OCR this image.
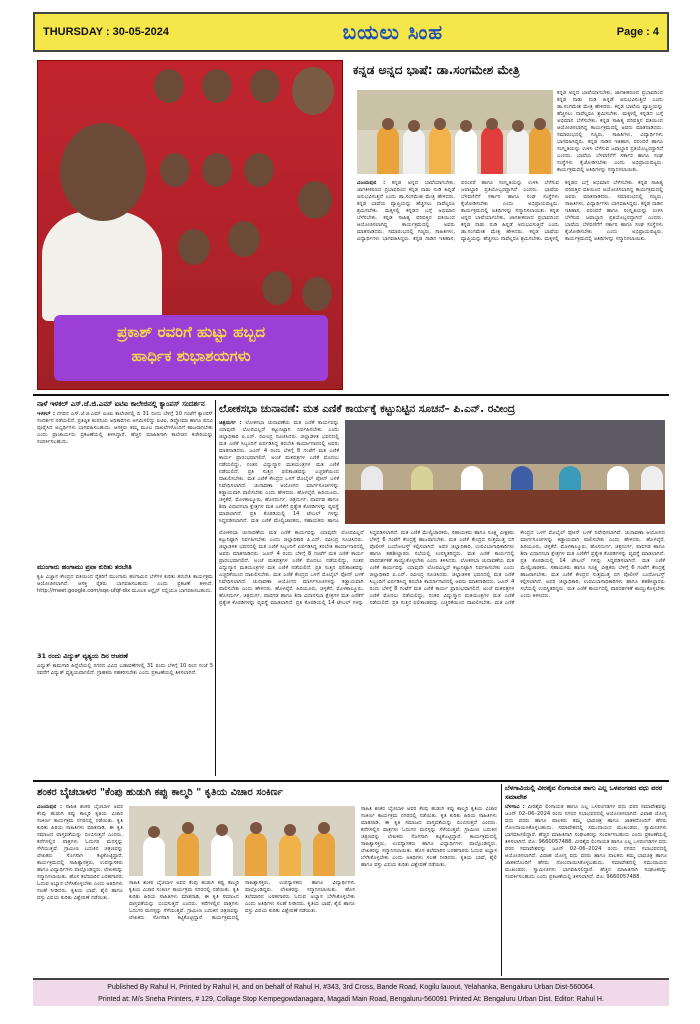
THURSDAY : 30-05-2024	ಬಯಲು ಸಿಂಹ	Page : 4
ಪ್ರಕಾಶ್ ರವರಿಗೆ ಹುಟ್ಟು ಹಬ್ಬದ
ಹಾರ್ಧಿಕ ಶುಭಾಶಯಗಳು
ಕನ್ನಡ ಅನ್ನದ ಭಾಷೆ: ಡಾ.ಸಂಗಮೇಶ ಮೇತ್ರಿ
ಕನ್ನಡ ಅನ್ನದ ಭಾಷೆಯಾಗಬೇಕು, ಜಾಗತೀಕರಣದ ಪ್ರಭಾವದಿಂದ ಕನ್ನಡ ನಾಡು ನುಡಿ ಹಿನ್ನಡೆ ಅನುಭವಿಸುತ್ತಿದೆ ಎಂದು ಡಾ.ಸಂಗಮೇಶ ಮೇತ್ರಿ ಹೇಳಿದರು. ಕನ್ನಡ ಭಾಷೆಯ ವ್ಯಾಪ್ತಿಯನ್ನು ಹೆಚ್ಚಿಸಲು ನಾವೆಲ್ಲರೂ ಶ್ರಮಿಸಬೇಕು. ಮಕ್ಕಳಲ್ಲಿ ಕನ್ನಡದ ಬಗ್ಗೆ ಅಭಿಮಾನ ಬೆಳೆಸಬೇಕು. ಕನ್ನಡ ಸಾಹಿತ್ಯ ಪರಿಷತ್ತಿನ ವತಿಯಿಂದ ಆಯೋಜಿಸಲಾಗಿದ್ದ ಕಾರ್ಯಕ್ರಮದಲ್ಲಿ ಅವರು ಮಾತನಾಡಿದರು. ಸಮಾರಂಭದಲ್ಲಿ ಗಣ್ಯರು, ಸಾಹಿತಿಗಳು, ವಿದ್ಯಾರ್ಥಿಗಳು ಭಾಗವಹಿಸಿದ್ದರು. ಕನ್ನಡ ನಾಡಿನ ಇತಿಹಾಸ, ಪರಂಪರೆ ಹಾಗೂ ಸಂಸ್ಕೃತಿಯನ್ನು ಉಳಿಸಿ ಬೆಳೆಸುವ ಜವಾಬ್ದಾರಿ ಪ್ರತಿಯೊಬ್ಬರದ್ದಾಗಿದೆ ಎಂದರು. ಭಾಷೆಯ ಬೆಳವಣಿಗೆಗೆ ಸರ್ಕಾರ ಹಾಗೂ ಸಂಘ ಸಂಸ್ಥೆಗಳು ಕೈಜೋಡಿಸಬೇಕು ಎಂದು ಅಭಿಪ್ರಾಯಪಟ್ಟರು. ಕಾರ್ಯಕ್ರಮದಲ್ಲಿ ಅತಿಥಿಗಳನ್ನು ಸನ್ಮಾನಿಸಲಾಯಿತು.
ವಿಜಯಪುರ : ಕನ್ನಡ ಅನ್ನದ ಭಾಷೆಯಾಗಬೇಕು, ಜಾಗತೀಕರಣದ ಪ್ರಭಾವದಿಂದ ಕನ್ನಡ ನಾಡು ನುಡಿ ಹಿನ್ನಡೆ ಅನುಭವಿಸುತ್ತಿದೆ ಎಂದು ಡಾ.ಸಂಗಮೇಶ ಮೇತ್ರಿ ಹೇಳಿದರು. ಕನ್ನಡ ಭಾಷೆಯ ವ್ಯಾಪ್ತಿಯನ್ನು ಹೆಚ್ಚಿಸಲು ನಾವೆಲ್ಲರೂ ಶ್ರಮಿಸಬೇಕು. ಮಕ್ಕಳಲ್ಲಿ ಕನ್ನಡದ ಬಗ್ಗೆ ಅಭಿಮಾನ ಬೆಳೆಸಬೇಕು. ಕನ್ನಡ ಸಾಹಿತ್ಯ ಪರಿಷತ್ತಿನ ವತಿಯಿಂದ ಆಯೋಜಿಸಲಾಗಿದ್ದ ಕಾರ್ಯಕ್ರಮದಲ್ಲಿ ಅವರು ಮಾತನಾಡಿದರು. ಸಮಾರಂಭದಲ್ಲಿ ಗಣ್ಯರು, ಸಾಹಿತಿಗಳು, ವಿದ್ಯಾರ್ಥಿಗಳು ಭಾಗವಹಿಸಿದ್ದರು. ಕನ್ನಡ ನಾಡಿನ ಇತಿಹಾಸ, ಪರಂಪರೆ ಹಾಗೂ ಸಂಸ್ಕೃತಿಯನ್ನು ಉಳಿಸಿ ಬೆಳೆಸುವ ಜವಾಬ್ದಾರಿ ಪ್ರತಿಯೊಬ್ಬರದ್ದಾಗಿದೆ ಎಂದರು. ಭಾಷೆಯ ಬೆಳವಣಿಗೆಗೆ ಸರ್ಕಾರ ಹಾಗೂ ಸಂಘ ಸಂಸ್ಥೆಗಳು ಕೈಜೋಡಿಸಬೇಕು ಎಂದು ಅಭಿಪ್ರಾಯಪಟ್ಟರು. ಕಾರ್ಯಕ್ರಮದಲ್ಲಿ ಅತಿಥಿಗಳನ್ನು ಸನ್ಮಾನಿಸಲಾಯಿತು. ಕನ್ನಡ ಅನ್ನದ ಭಾಷೆಯಾಗಬೇಕು, ಜಾಗತೀಕರಣದ ಪ್ರಭಾವದಿಂದ ಕನ್ನಡ ನಾಡು ನುಡಿ ಹಿನ್ನಡೆ ಅನುಭವಿಸುತ್ತಿದೆ ಎಂದು ಡಾ.ಸಂಗಮೇಶ ಮೇತ್ರಿ ಹೇಳಿದರು. ಕನ್ನಡ ಭಾಷೆಯ ವ್ಯಾಪ್ತಿಯನ್ನು ಹೆಚ್ಚಿಸಲು ನಾವೆಲ್ಲರೂ ಶ್ರಮಿಸಬೇಕು. ಮಕ್ಕಳಲ್ಲಿ ಕನ್ನಡದ ಬಗ್ಗೆ ಅಭಿಮಾನ ಬೆಳೆಸಬೇಕು. ಕನ್ನಡ ಸಾಹಿತ್ಯ ಪರಿಷತ್ತಿನ ವತಿಯಿಂದ ಆಯೋಜಿಸಲಾಗಿದ್ದ ಕಾರ್ಯಕ್ರಮದಲ್ಲಿ ಅವರು ಮಾತನಾಡಿದರು. ಸಮಾರಂಭದಲ್ಲಿ ಗಣ್ಯರು, ಸಾಹಿತಿಗಳು, ವಿದ್ಯಾರ್ಥಿಗಳು ಭಾಗವಹಿಸಿದ್ದರು. ಕನ್ನಡ ನಾಡಿನ ಇತಿಹಾಸ, ಪರಂಪರೆ ಹಾಗೂ ಸಂಸ್ಕೃತಿಯನ್ನು ಉಳಿಸಿ ಬೆಳೆಸುವ ಜವಾಬ್ದಾರಿ ಪ್ರತಿಯೊಬ್ಬರದ್ದಾಗಿದೆ ಎಂದರು. ಭಾಷೆಯ ಬೆಳವಣಿಗೆಗೆ ಸರ್ಕಾರ ಹಾಗೂ ಸಂಘ ಸಂಸ್ಥೆಗಳು ಕೈಜೋಡಿಸಬೇಕು ಎಂದು ಅಭಿಪ್ರಾಯಪಟ್ಟರು. ಕಾರ್ಯಕ್ರಮದಲ್ಲಿ ಅತಿಥಿಗಳನ್ನು ಸನ್ಮಾನಿಸಲಾಯಿತು.
ನಾಳೆ ಇಳಕಲ್ ಎಸ್.ಜೆ.ಜಿ.ಎಮ್ ಐಟಿಐ ಕಾಲೇಜಿನಲ್ಲಿ ಕ್ಯಾಂಪಸ್ ಸಂದರ್ಶನ
ಇಳಕಲ್ : ನಗರದ ಎಸ್.ಜೆ.ಜಿ.ಎಮ್ ಐಟಿಐ ಕಾಲೇಜಿನಲ್ಲಿ ದಿ 31 ರಂದು ಬೆಳಿಗ್ಗೆ 10 ಗಂಟೆಗೆ ಕ್ಯಾಂಪಸ್ ಸಂದರ್ಶನ ನಡೆಯಲಿದೆ. ಪ್ರತಿಷ್ಠಿತ ಕಂಪನಿಯ ಅಧಿಕಾರಿಗಳು ಆಗಮಿಸಲಿದ್ದು ಐಟಿಐ, ಡಿಪ್ಲೋಮಾ ಹಾಗೂ ಪದವಿ ಪೂರೈಸಿದ ಅಭ್ಯರ್ಥಿಗಳು ಭಾಗವಹಿಸಬಹುದು. ಆಸಕ್ತರು ತಮ್ಮ ಮೂಲ ದಾಖಲೆಗಳೊಂದಿಗೆ ಹಾಜರಾಗಬೇಕು ಎಂದು ಪ್ರಾಚಾರ್ಯರು ಪ್ರಕಟಣೆಯಲ್ಲಿ ತಿಳಿಸಿದ್ದಾರೆ. ಹೆಚ್ಚಿನ ಮಾಹಿತಿಗಾಗಿ ಕಾಲೇಜಿನ ಕಚೇರಿಯನ್ನು ಸಂಪರ್ಕಿಸಬಹುದು.
ಮುಂಗಾರು ಹಂಗಾಮು ಪ್ರವಾ ಕುರಿತು ತರಬೇತಿ
ಕೃಷಿ ವಿಜ್ಞಾನ ಕೇಂದ್ರದ ವತಿಯಿಂದ ರೈತರಿಗೆ ಮುಂಗಾರು ಹಂಗಾಮಿನ ಬೆಳೆಗಳ ಕುರಿತು ತರಬೇತಿ ಕಾರ್ಯಕ್ರಮ ಆಯೋಜಿಸಲಾಗಿದೆ. ಆಸಕ್ತ ರೈತರು ಭಾಗವಹಿಸಬಹುದು ಎಂದು ಪ್ರಕಟಣೆ ತಿಳಿಸಿದೆ. http://meet.google.com/sqs-ufqf-dix ಮೂಲಕ ಆನ್ಲೈನ್ ನಲ್ಲಿಯೂ ಭಾಗವಹಿಸಬಹುದು.
31 ರಂದು ವಿದ್ಯುತ್ ವ್ಯತ್ಯಯ ದಿನ ಆಚರಣೆ
ವಿದ್ಯುತ್ ಕಾಮಗಾರಿ ಹಿನ್ನೆಲೆಯಲ್ಲಿ ನಗರದ ವಿವಿಧ ಬಡಾವಣೆಗಳಲ್ಲಿ 31 ರಂದು ಬೆಳಿಗ್ಗೆ 10 ರಿಂದ ಸಂಜೆ 5 ರವರೆಗೆ ವಿದ್ಯುತ್ ವ್ಯತ್ಯಯವಾಗಲಿದೆ. ಗ್ರಾಹಕರು ಸಹಕರಿಸಬೇಕು ಎಂದು ಪ್ರಕಟಣೆಯಲ್ಲಿ ತಿಳಿಸಲಾಗಿದೆ.
ಲೋಕಸಭಾ ಚುನಾವಣೆ: ಮತ ಎಣಿಕೆ ಕಾರ್ಯಕ್ಕೆ ಕಟ್ಟುನಿಟ್ಟಿನ ಸೂಚನೆ– ಪಿ.ಎನ್. ರವೀಂದ್ರ
ಚಿತ್ರದುರ್ಗ : ಲೋಕಸಭಾ ಚುನಾವಣೆಯ ಮತ ಎಣಿಕೆ ಕಾರ್ಯವನ್ನು ಯಾವುದೇ ಲೋಪವಿಲ್ಲದೆ ಕಟ್ಟುನಿಟ್ಟಾಗಿ ನಿರ್ವಹಿಸಬೇಕು ಎಂದು ಜಿಲ್ಲಾಧಿಕಾರಿ ಪಿ.ಎನ್. ರವೀಂದ್ರ ಸೂಚಿಸಿದರು. ಜಿಲ್ಲಾಡಳಿತ ಭವನದಲ್ಲಿ ಮತ ಎಣಿಕೆ ಸಿಬ್ಬಂದಿಗೆ ಏರ್ಪಡಿಸಿದ್ದ ತರಬೇತಿ ಕಾರ್ಯಾಗಾರದಲ್ಲಿ ಅವರು ಮಾತನಾಡಿದರು. ಜೂನ್ 4 ರಂದು ಬೆಳಿಗ್ಗೆ 8 ಗಂಟೆಗೆ ಮತ ಎಣಿಕೆ ಕಾರ್ಯ ಪ್ರಾರಂಭವಾಗಲಿದೆ. ಅಂಚೆ ಮತಪತ್ರಗಳ ಎಣಿಕೆ ಮೊದಲು ನಡೆಯಲಿದ್ದು, ನಂತರ ವಿದ್ಯುನ್ಮಾನ ಮತಯಂತ್ರಗಳ ಮತ ಎಣಿಕೆ ನಡೆಯಲಿದೆ. ಪ್ರತಿ ಸುತ್ತಿನ ಫಲಿತಾಂಶವನ್ನು ಎಚ್ಚರಿಕೆಯಿಂದ ದಾಖಲಿಸಬೇಕು. ಮತ ಎಣಿಕೆ ಕೇಂದ್ರದ ಒಳಗೆ ಮೊಬೈಲ್ ಫೋನ್ ಬಳಕೆ ನಿಷೇಧಿಸಲಾಗಿದೆ. ಚುನಾವಣಾ ಆಯೋಗದ ಮಾರ್ಗಸೂಚಿಗಳನ್ನು ಕಡ್ಡಾಯವಾಗಿ ಪಾಲಿಸಬೇಕು ಎಂದು ಹೇಳಿದರು. ಹೊಳಲ್ಕೆರೆ, ಹಿರಿಯೂರು, ಚಳ್ಳಕೆರೆ, ಮೊಳಕಾಲ್ಮೂರು, ಹೊಸದುರ್ಗ, ಚಿತ್ರದುರ್ಗ, ಪಾವಗಡ ಹಾಗೂ ಶಿರಾ ವಿಧಾನಸಭಾ ಕ್ಷೇತ್ರಗಳ ಮತ ಎಣಿಕೆಗೆ ಪ್ರತ್ಯೇಕ ಕೊಠಡಿಗಳನ್ನು ವ್ಯವಸ್ಥೆ ಮಾಡಲಾಗಿದೆ. ಪ್ರತಿ ಕೊಠಡಿಯಲ್ಲಿ 14 ಟೇಬಲ್ ಗಳನ್ನು ಸಿದ್ಧಪಡಿಸಲಾಗಿದೆ. ಮತ ಎಣಿಕೆ ಮೇಲ್ವಿಚಾರಕರು, ಸಹಾಯಕರು ಹಾಗೂ
ಲೋಕಸಭಾ ಚುನಾವಣೆಯ ಮತ ಎಣಿಕೆ ಕಾರ್ಯವನ್ನು ಯಾವುದೇ ಲೋಪವಿಲ್ಲದೆ ಕಟ್ಟುನಿಟ್ಟಾಗಿ ನಿರ್ವಹಿಸಬೇಕು ಎಂದು ಜಿಲ್ಲಾಧಿಕಾರಿ ಪಿ.ಎನ್. ರವೀಂದ್ರ ಸೂಚಿಸಿದರು. ಜಿಲ್ಲಾಡಳಿತ ಭವನದಲ್ಲಿ ಮತ ಎಣಿಕೆ ಸಿಬ್ಬಂದಿಗೆ ಏರ್ಪಡಿಸಿದ್ದ ತರಬೇತಿ ಕಾರ್ಯಾಗಾರದಲ್ಲಿ ಅವರು ಮಾತನಾಡಿದರು. ಜೂನ್ 4 ರಂದು ಬೆಳಿಗ್ಗೆ 8 ಗಂಟೆಗೆ ಮತ ಎಣಿಕೆ ಕಾರ್ಯ ಪ್ರಾರಂಭವಾಗಲಿದೆ. ಅಂಚೆ ಮತಪತ್ರಗಳ ಎಣಿಕೆ ಮೊದಲು ನಡೆಯಲಿದ್ದು, ನಂತರ ವಿದ್ಯುನ್ಮಾನ ಮತಯಂತ್ರಗಳ ಮತ ಎಣಿಕೆ ನಡೆಯಲಿದೆ. ಪ್ರತಿ ಸುತ್ತಿನ ಫಲಿತಾಂಶವನ್ನು ಎಚ್ಚರಿಕೆಯಿಂದ ದಾಖಲಿಸಬೇಕು. ಮತ ಎಣಿಕೆ ಕೇಂದ್ರದ ಒಳಗೆ ಮೊಬೈಲ್ ಫೋನ್ ಬಳಕೆ ನಿಷೇಧಿಸಲಾಗಿದೆ. ಚುನಾವಣಾ ಆಯೋಗದ ಮಾರ್ಗಸೂಚಿಗಳನ್ನು ಕಡ್ಡಾಯವಾಗಿ ಪಾಲಿಸಬೇಕು ಎಂದು ಹೇಳಿದರು. ಹೊಳಲ್ಕೆರೆ, ಹಿರಿಯೂರು, ಚಳ್ಳಕೆರೆ, ಮೊಳಕಾಲ್ಮೂರು, ಹೊಸದುರ್ಗ, ಚಿತ್ರದುರ್ಗ, ಪಾವಗಡ ಹಾಗೂ ಶಿರಾ ವಿಧಾನಸಭಾ ಕ್ಷೇತ್ರಗಳ ಮತ ಎಣಿಕೆಗೆ ಪ್ರತ್ಯೇಕ ಕೊಠಡಿಗಳನ್ನು ವ್ಯವಸ್ಥೆ ಮಾಡಲಾಗಿದೆ. ಪ್ರತಿ ಕೊಠಡಿಯಲ್ಲಿ 14 ಟೇಬಲ್ ಗಳನ್ನು ಸಿದ್ಧಪಡಿಸಲಾಗಿದೆ. ಮತ ಎಣಿಕೆ ಮೇಲ್ವಿಚಾರಕರು, ಸಹಾಯಕರು ಹಾಗೂ ಸೂಕ್ಷ್ಮ ವೀಕ್ಷಕರು ಬೆಳಿಗ್ಗೆ 6 ಗಂಟೆಗೆ ಕೇಂದ್ರಕ್ಕೆ ಹಾಜರಾಗಬೇಕು. ಮತ ಎಣಿಕೆ ಕೇಂದ್ರದ ಸುತ್ತಮುತ್ತ ಬಿಗಿ ಪೊಲೀಸ್ ಬಂದೋಬಸ್ತ್ ಕಲ್ಪಿಸಲಾಗಿದೆ. ಅಪರ ಜಿಲ್ಲಾಧಿಕಾರಿ, ಉಪವಿಭಾಗಾಧಿಕಾರಿಗಳು ಹಾಗೂ ತಹಶೀಲ್ದಾರರು ಸಭೆಯಲ್ಲಿ ಉಪಸ್ಥಿತರಿದ್ದರು. ಮತ ಎಣಿಕೆ ಕಾರ್ಯದಲ್ಲಿ ಪಾರದರ್ಶಕತೆ ಕಾಯ್ದುಕೊಳ್ಳಬೇಕು ಎಂದು ತಿಳಿಸಿದರು. ಲೋಕಸಭಾ ಚುನಾವಣೆಯ ಮತ ಎಣಿಕೆ ಕಾರ್ಯವನ್ನು ಯಾವುದೇ ಲೋಪವಿಲ್ಲದೆ ಕಟ್ಟುನಿಟ್ಟಾಗಿ ನಿರ್ವಹಿಸಬೇಕು ಎಂದು ಜಿಲ್ಲಾಧಿಕಾರಿ ಪಿ.ಎನ್. ರವೀಂದ್ರ ಸೂಚಿಸಿದರು. ಜಿಲ್ಲಾಡಳಿತ ಭವನದಲ್ಲಿ ಮತ ಎಣಿಕೆ ಸಿಬ್ಬಂದಿಗೆ ಏರ್ಪಡಿಸಿದ್ದ ತರಬೇತಿ ಕಾರ್ಯಾಗಾರದಲ್ಲಿ ಅವರು ಮಾತನಾಡಿದರು. ಜೂನ್ 4 ರಂದು ಬೆಳಿಗ್ಗೆ 8 ಗಂಟೆಗೆ ಮತ ಎಣಿಕೆ ಕಾರ್ಯ ಪ್ರಾರಂಭವಾಗಲಿದೆ. ಅಂಚೆ ಮತಪತ್ರಗಳ ಎಣಿಕೆ ಮೊದಲು ನಡೆಯಲಿದ್ದು, ನಂತರ ವಿದ್ಯುನ್ಮಾನ ಮತಯಂತ್ರಗಳ ಮತ ಎಣಿಕೆ ನಡೆಯಲಿದೆ. ಪ್ರತಿ ಸುತ್ತಿನ ಫಲಿತಾಂಶವನ್ನು ಎಚ್ಚರಿಕೆಯಿಂದ ದಾಖಲಿಸಬೇಕು. ಮತ ಎಣಿಕೆ ಕೇಂದ್ರದ ಒಳಗೆ ಮೊಬೈಲ್ ಫೋನ್ ಬಳಕೆ ನಿಷೇಧಿಸಲಾಗಿದೆ. ಚುನಾವಣಾ ಆಯೋಗದ ಮಾರ್ಗಸೂಚಿಗಳನ್ನು ಕಡ್ಡಾಯವಾಗಿ ಪಾಲಿಸಬೇಕು ಎಂದು ಹೇಳಿದರು. ಹೊಳಲ್ಕೆರೆ, ಹಿರಿಯೂರು, ಚಳ್ಳಕೆರೆ, ಮೊಳಕಾಲ್ಮೂರು, ಹೊಸದುರ್ಗ, ಚಿತ್ರದುರ್ಗ, ಪಾವಗಡ ಹಾಗೂ ಶಿರಾ ವಿಧಾನಸಭಾ ಕ್ಷೇತ್ರಗಳ ಮತ ಎಣಿಕೆಗೆ ಪ್ರತ್ಯೇಕ ಕೊಠಡಿಗಳನ್ನು ವ್ಯವಸ್ಥೆ ಮಾಡಲಾಗಿದೆ. ಪ್ರತಿ ಕೊಠಡಿಯಲ್ಲಿ 14 ಟೇಬಲ್ ಗಳನ್ನು ಸಿದ್ಧಪಡಿಸಲಾಗಿದೆ. ಮತ ಎಣಿಕೆ ಮೇಲ್ವಿಚಾರಕರು, ಸಹಾಯಕರು ಹಾಗೂ ಸೂಕ್ಷ್ಮ ವೀಕ್ಷಕರು ಬೆಳಿಗ್ಗೆ 6 ಗಂಟೆಗೆ ಕೇಂದ್ರಕ್ಕೆ ಹಾಜರಾಗಬೇಕು. ಮತ ಎಣಿಕೆ ಕೇಂದ್ರದ ಸುತ್ತಮುತ್ತ ಬಿಗಿ ಪೊಲೀಸ್ ಬಂದೋಬಸ್ತ್ ಕಲ್ಪಿಸಲಾಗಿದೆ. ಅಪರ ಜಿಲ್ಲಾಧಿಕಾರಿ, ಉಪವಿಭಾಗಾಧಿಕಾರಿಗಳು ಹಾಗೂ ತಹಶೀಲ್ದಾರರು ಸಭೆಯಲ್ಲಿ ಉಪಸ್ಥಿತರಿದ್ದರು. ಮತ ಎಣಿಕೆ ಕಾರ್ಯದಲ್ಲಿ ಪಾರದರ್ಶಕತೆ ಕಾಯ್ದುಕೊಳ್ಳಬೇಕು ಎಂದು ತಿಳಿಸಿದರು.
ಶಂಕರ ಬೈಚಬಾಳರ "ಕೆಂಪು ಹುಡುಗಿ ಕಪ್ಪು ಕಾಲ್ಮರಿ " ಕೃತಿಯ ವಿಚಾರ ಸಂಕಿರ್ಣ
ವಿಜಯಪುರ : ಸಾಹಿತಿ ಶಂಕರ ಬೈಚಬಾಳ ಅವರ ಕೆಂಪು ಹುಡುಗಿ ಕಪ್ಪು ಕಾಲ್ಮರಿ ಕೃತಿಯ ವಿಚಾರ ಸಂಕಿರ್ಣ ಕಾರ್ಯಕ್ರಮ ನಗರದಲ್ಲಿ ನಡೆಯಿತು. ಕೃತಿ ಕುರಿತು ಹಿರಿಯ ಸಾಹಿತಿಗಳು ಮಾತನಾಡಿ, ಈ ಕೃತಿ ಸಮಾಜದ ವಾಸ್ತವತೆಯನ್ನು ಬಿಂಬಿಸುತ್ತದೆ ಎಂದರು. ಕಥೆಗಳಲ್ಲಿನ ಪಾತ್ರಗಳು ಓದುಗರ ಮನಸ್ಸನ್ನು ಸೆಳೆಯುತ್ತವೆ. ಗ್ರಾಮೀಣ ಬದುಕಿನ ಚಿತ್ರಣವನ್ನು ಲೇಖಕರು ಸೊಗಸಾಗಿ ಕಟ್ಟಿಕೊಟ್ಟಿದ್ದಾರೆ. ಕಾರ್ಯಕ್ರಮದಲ್ಲಿ ಸಾಹಿತ್ಯಾಸಕ್ತರು, ಉಪನ್ಯಾಸಕರು ಹಾಗೂ ವಿದ್ಯಾರ್ಥಿಗಳು ಪಾಲ್ಗೊಂಡಿದ್ದರು. ಲೇಖಕರನ್ನು ಸನ್ಮಾನಿಸಲಾಯಿತು. ಹೊಸ ತಲೆಮಾರಿನ ಬರಹಗಾರರು ಓದುವ ಅಭ್ಯಾಸ ಬೆಳೆಸಿಕೊಳ್ಳಬೇಕು ಎಂದು ಅತಿಥಿಗಳು ಸಲಹೆ ನೀಡಿದರು. ಕೃತಿಯ ಭಾಷೆ, ಶೈಲಿ ಹಾಗೂ ವಸ್ತು ವಿಷಯ ಕುರಿತು ವಿಶ್ಲೇಷಣೆ ನಡೆಯಿತು.
ಸಾಹಿತಿ ಶಂಕರ ಬೈಚಬಾಳ ಅವರ ಕೆಂಪು ಹುಡುಗಿ ಕಪ್ಪು ಕಾಲ್ಮರಿ ಕೃತಿಯ ವಿಚಾರ ಸಂಕಿರ್ಣ ಕಾರ್ಯಕ್ರಮ ನಗರದಲ್ಲಿ ನಡೆಯಿತು. ಕೃತಿ ಕುರಿತು ಹಿರಿಯ ಸಾಹಿತಿಗಳು ಮಾತನಾಡಿ, ಈ ಕೃತಿ ಸಮಾಜದ ವಾಸ್ತವತೆಯನ್ನು ಬಿಂಬಿಸುತ್ತದೆ ಎಂದರು. ಕಥೆಗಳಲ್ಲಿನ ಪಾತ್ರಗಳು ಓದುಗರ ಮನಸ್ಸನ್ನು ಸೆಳೆಯುತ್ತವೆ. ಗ್ರಾಮೀಣ ಬದುಕಿನ ಚಿತ್ರಣವನ್ನು ಲೇಖಕರು ಸೊಗಸಾಗಿ ಕಟ್ಟಿಕೊಟ್ಟಿದ್ದಾರೆ. ಕಾರ್ಯಕ್ರಮದಲ್ಲಿ ಸಾಹಿತ್ಯಾಸಕ್ತರು, ಉಪನ್ಯಾಸಕರು ಹಾಗೂ ವಿದ್ಯಾರ್ಥಿಗಳು ಪಾಲ್ಗೊಂಡಿದ್ದರು. ಲೇಖಕರನ್ನು ಸನ್ಮಾನಿಸಲಾಯಿತು. ಹೊಸ ತಲೆಮಾರಿನ ಬರಹಗಾರರು ಓದುವ ಅಭ್ಯಾಸ ಬೆಳೆಸಿಕೊಳ್ಳಬೇಕು ಎಂದು ಅತಿಥಿಗಳು ಸಲಹೆ ನೀಡಿದರು. ಕೃತಿಯ ಭಾಷೆ, ಶೈಲಿ ಹಾಗೂ ವಸ್ತು ವಿಷಯ ಕುರಿತು ವಿಶ್ಲೇಷಣೆ ನಡೆಯಿತು.
ಸಾಹಿತಿ ಶಂಕರ ಬೈಚಬಾಳ ಅವರ ಕೆಂಪು ಹುಡುಗಿ ಕಪ್ಪು ಕಾಲ್ಮರಿ ಕೃತಿಯ ವಿಚಾರ ಸಂಕಿರ್ಣ ಕಾರ್ಯಕ್ರಮ ನಗರದಲ್ಲಿ ನಡೆಯಿತು. ಕೃತಿ ಕುರಿತು ಹಿರಿಯ ಸಾಹಿತಿಗಳು ಮಾತನಾಡಿ, ಈ ಕೃತಿ ಸಮಾಜದ ವಾಸ್ತವತೆಯನ್ನು ಬಿಂಬಿಸುತ್ತದೆ ಎಂದರು. ಕಥೆಗಳಲ್ಲಿನ ಪಾತ್ರಗಳು ಓದುಗರ ಮನಸ್ಸನ್ನು ಸೆಳೆಯುತ್ತವೆ. ಗ್ರಾಮೀಣ ಬದುಕಿನ ಚಿತ್ರಣವನ್ನು ಲೇಖಕರು ಸೊಗಸಾಗಿ ಕಟ್ಟಿಕೊಟ್ಟಿದ್ದಾರೆ. ಕಾರ್ಯಕ್ರಮದಲ್ಲಿ ಸಾಹಿತ್ಯಾಸಕ್ತರು, ಉಪನ್ಯಾಸಕರು ಹಾಗೂ ವಿದ್ಯಾರ್ಥಿಗಳು ಪಾಲ್ಗೊಂಡಿದ್ದರು. ಲೇಖಕರನ್ನು ಸನ್ಮಾನಿಸಲಾಯಿತು. ಹೊಸ ತಲೆಮಾರಿನ ಬರಹಗಾರರು ಓದುವ ಅಭ್ಯಾಸ ಬೆಳೆಸಿಕೊಳ್ಳಬೇಕು ಎಂದು ಅತಿಥಿಗಳು ಸಲಹೆ ನೀಡಿದರು. ಕೃತಿಯ ಭಾಷೆ, ಶೈಲಿ ಹಾಗೂ ವಸ್ತು ವಿಷಯ ಕುರಿತು ವಿಶ್ಲೇಷಣೆ ನಡೆಯಿತು.
ಬೆಳಗಾವಿಯಲ್ಲಿ ವೀರಶೈವ ಲಿಂಗಾಯತ ಹಾಗು ಎಲ್ಲ ಒಳಪಂಗಡದ ವಧು ವರರ ಸಮಾವೇಶ
ಬೆಳಗಾವಿ : ವೀರಶೈವ ಲಿಂಗಾಯತ ಹಾಗೂ ಎಲ್ಲ ಒಳಪಂಗಡಗಳ ವಧು ವರರ ಸಮಾವೇಶವನ್ನು ಜೂನ್ 02–06–2024 ರಂದು ನಗರದ ಸಭಾಭವನದಲ್ಲಿ ಆಯೋಜಿಸಲಾಗಿದೆ. ವಿವಾಹ ಯೋಗ್ಯ ವಧು ವರರು ಹಾಗೂ ಪಾಲಕರು ತಮ್ಮ ಭಾವಚಿತ್ರ ಹಾಗೂ ಜಾತಕದೊಂದಿಗೆ ಹೆಸರು ನೋಂದಾಯಿಸಿಕೊಳ್ಳಬಹುದು. ಸಮಾವೇಶದಲ್ಲಿ ಸಮುದಾಯದ ಮುಖಂಡರು, ಸ್ವಾಮೀಜಿಗಳು ಭಾಗವಹಿಸಲಿದ್ದಾರೆ. ಹೆಚ್ಚಿನ ಮಾಹಿತಿಗಾಗಿ ಸಂಘಟಕರನ್ನು ಸಂಪರ್ಕಿಸಬಹುದು ಎಂದು ಪ್ರಕಟಣೆಯಲ್ಲಿ ತಿಳಿಸಲಾಗಿದೆ. ಮೊ: 9660057488. ವೀರಶೈವ ಲಿಂಗಾಯತ ಹಾಗೂ ಎಲ್ಲ ಒಳಪಂಗಡಗಳ ವಧು ವರರ ಸಮಾವೇಶವನ್ನು ಜೂನ್ 02–06–2024 ರಂದು ನಗರದ ಸಭಾಭವನದಲ್ಲಿ ಆಯೋಜಿಸಲಾಗಿದೆ. ವಿವಾಹ ಯೋಗ್ಯ ವಧು ವರರು ಹಾಗೂ ಪಾಲಕರು ತಮ್ಮ ಭಾವಚಿತ್ರ ಹಾಗೂ ಜಾತಕದೊಂದಿಗೆ ಹೆಸರು ನೋಂದಾಯಿಸಿಕೊಳ್ಳಬಹುದು. ಸಮಾವೇಶದಲ್ಲಿ ಸಮುದಾಯದ ಮುಖಂಡರು, ಸ್ವಾಮೀಜಿಗಳು ಭಾಗವಹಿಸಲಿದ್ದಾರೆ. ಹೆಚ್ಚಿನ ಮಾಹಿತಿಗಾಗಿ ಸಂಘಟಕರನ್ನು ಸಂಪರ್ಕಿಸಬಹುದು ಎಂದು ಪ್ರಕಟಣೆಯಲ್ಲಿ ತಿಳಿಸಲಾಗಿದೆ. ಮೊ: 9660057488.
Published By Rahul H, Printed by Rahul H, and on behalf of Rahul H, #343, 3rd Cross, Bande Road, Kogilu lauout, Yelahanka, Bengaluru Urban Dist-560064.
Printed at: M/s Sneha Printers, # 129, Collage Stop Kempegowdanagara, Magadi Main Road, Bengaluru-560091 Printed At: Bengaluru Urban Dist. Editor: Rahul H.
